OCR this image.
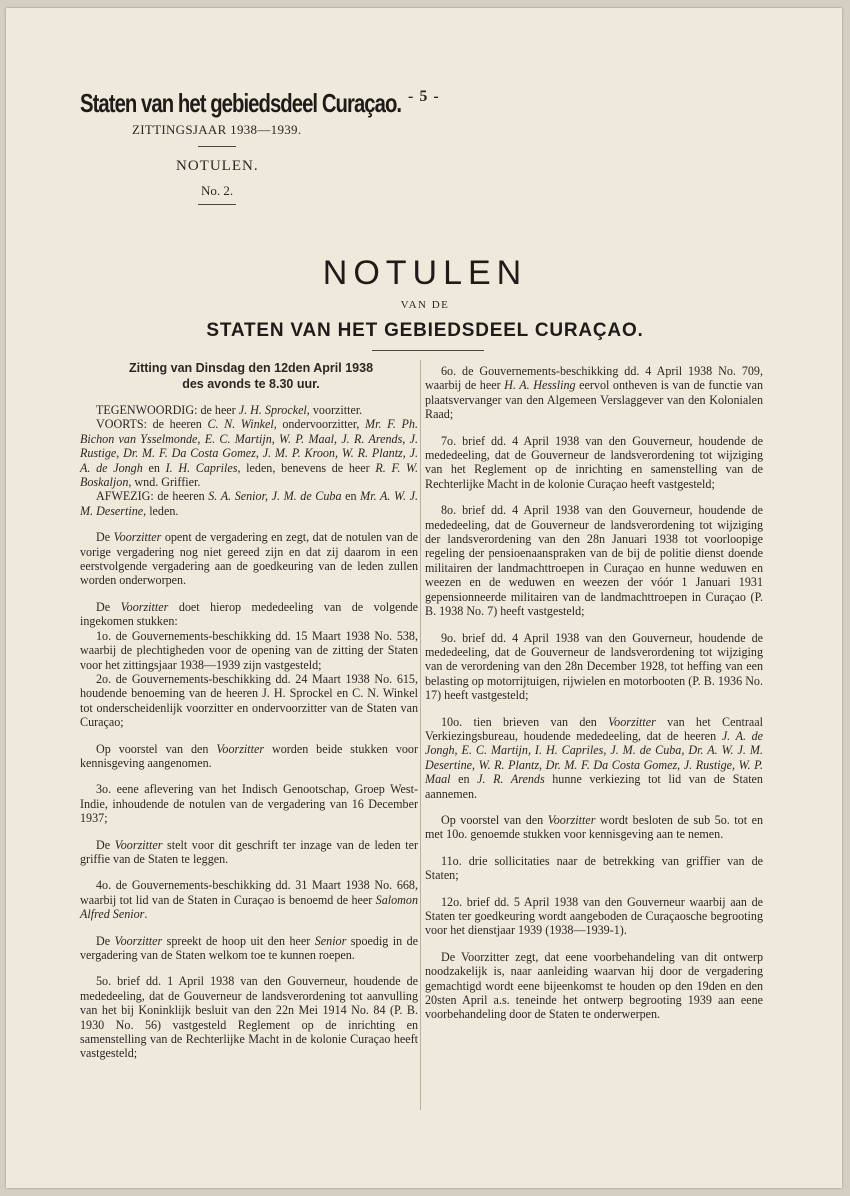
Staten van het gebiedsdeel Curaçao. - 5 -
ZITTINGSJAAR 1938—1939.
NOTULEN.
No. 2.
NOTULEN
VAN DE
STATEN VAN HET GEBIEDSDEEL CURAÇAO.
Zitting van Dinsdag den 12den April 1938
des avonds te 8.30 uur.

TEGENWOORDIG: de heer J. H. Sprockel, voorzitter.

VOORTS: de heeren C. N. Winkel, ondervoorzitter, Mr. F. Ph. Bichon van Ysselmonde, E. C. Martijn, W. P. Maal, J. R. Arends, J. Rustige, Dr. M. F. Da Costa Gomez, J. M. P. Kroon, W. R. Plantz, J. A. de Jongh en I. H. Capriles, leden, benevens de heer R. F. W. Boskaljon, wnd. Griffier.

AFWEZIG: de heeren S. A. Senior, J. M. de Cuba en Mr. A. W. J. M. Desertine, leden.

De Voorzitter opent de vergadering en zegt, dat de notulen van de vorige vergadering nog niet gereed zijn en dat zij daarom in een eerstvolgende vergadering aan de goedkeuring van de leden zullen worden onderworpen.

De Voorzitter doet hierop mededeeling van de volgende ingekomen stukken:

1o. de Gouvernements-beschikking dd. 15 Maart 1938 No. 538, waarbij de plechtigheden voor de opening van de zitting der Staten voor het zittingsjaar 1938—1939 zijn vastgesteld;

2o. de Gouvernements-beschikking dd. 24 Maart 1938 No. 615, houdende benoeming van de heeren J. H. Sprockel en C. N. Winkel tot onderscheidenlijk voorzitter en ondervoorzitter van de Staten van Curaçao;

Op voorstel van den Voorzitter worden beide stukken voor kennisgeving aangenomen.

3o. eene aflevering van het Indisch Genootschap, Groep West-Indie, inhoudende de notulen van de vergadering van 16 December 1937;

De Voorzitter stelt voor dit geschrift ter inzage van de leden ter griffie van de Staten te leggen.

4o. de Gouvernements-beschikking dd. 31 Maart 1938 No. 668, waarbij tot lid van de Staten in Curaçao is benoemd de heer Salomon Alfred Senior.

De Voorzitter spreekt de hoop uit den heer Senior spoedig in de vergadering van de Staten welkom toe te kunnen roepen.

5o. brief dd. 1 April 1938 van den Gouverneur, houdende de mededeeling, dat de Gouverneur de landsverordening tot aanvulling van het bij Koninklijk besluit van den 22n Mei 1914 No. 84 (P. B. 1930 No. 56) vastgesteld Reglement op de inrichting en samenstelling van de Rechterlijke Macht in de kolonie Curaçao heeft vastgesteld;

6o. de Gouvernements-beschikking dd. 4 April 1938 No. 709, waarbij de heer H. A. Hessling eervol ontheven is van de functie van plaatsvervanger van den Algemeen Verslaggever van den Kolonialen Raad;

7o. brief dd. 4 April 1938 van den Gouverneur, houdende de mededeeling, dat de Gouverneur de landsverordening tot wijziging van het Reglement op de inrichting en samenstelling van de Rechterlijke Macht in de kolonie Curaçao heeft vastgesteld;

8o. brief dd. 4 April 1938 van den Gouverneur, houdende de mededeeling, dat de Gouverneur de landsverordening tot wijziging der landsverordening van den 28n Januari 1938 tot voorloopige regeling der pensioenaanspraken van de bij de politie dienst doende militairen der landmachttroepen in Curaçao en hunne weduwen en weezen en de weduwen en weezen der vóór 1 Januari 1931 gepensionneerde militairen van de landmachttroepen in Curaçao (P. B. 1938 No. 7) heeft vastgesteld;

9o. brief dd. 4 April 1938 van den Gouverneur, houdende de mededeeling, dat de Gouverneur de landsverordening tot wijziging van de verordening van den 28n December 1928, tot heffing van een belasting op motorrijtuigen, rijwielen en motorbooten (P. B. 1936 No. 17) heeft vastgesteld;

10o. tien brieven van den Voorzitter van het Centraal Verkiezingsbureau, houdende mededeeling, dat de heeren J. A. de Jongh, E. C. Martijn, I. H. Capriles, J. M. de Cuba, Dr. A. W. J. M. Desertine, W. R. Plantz, Dr. M. F. Da Costa Gomez, J. Rustige, W. P. Maal en J. R. Arends hunne verkiezing tot lid van de Staten aannemen.

Op voorstel van den Voorzitter wordt besloten de sub 5o. tot en met 10o. genoemde stukken voor kennisgeving aan te nemen.

11o. drie sollicitaties naar de betrekking van griffier van de Staten;

12o. brief dd. 5 April 1938 van den Gouverneur waarbij aan de Staten ter goedkeuring wordt aangeboden de Curaçaosche begrooting voor het dienstjaar 1939 (1938—1939-1).

De Voorzitter zegt, dat eene voorbehandeling van dit ontwerp noodzakelijk is, naar aanleiding waarvan hij door de vergadering gemachtigd wordt eene bijeenkomst te houden op den 19den en den 20sten April a.s. teneinde het ontwerp begrooting 1939 aan eene voorbehandeling door de Staten te onderwerpen.
